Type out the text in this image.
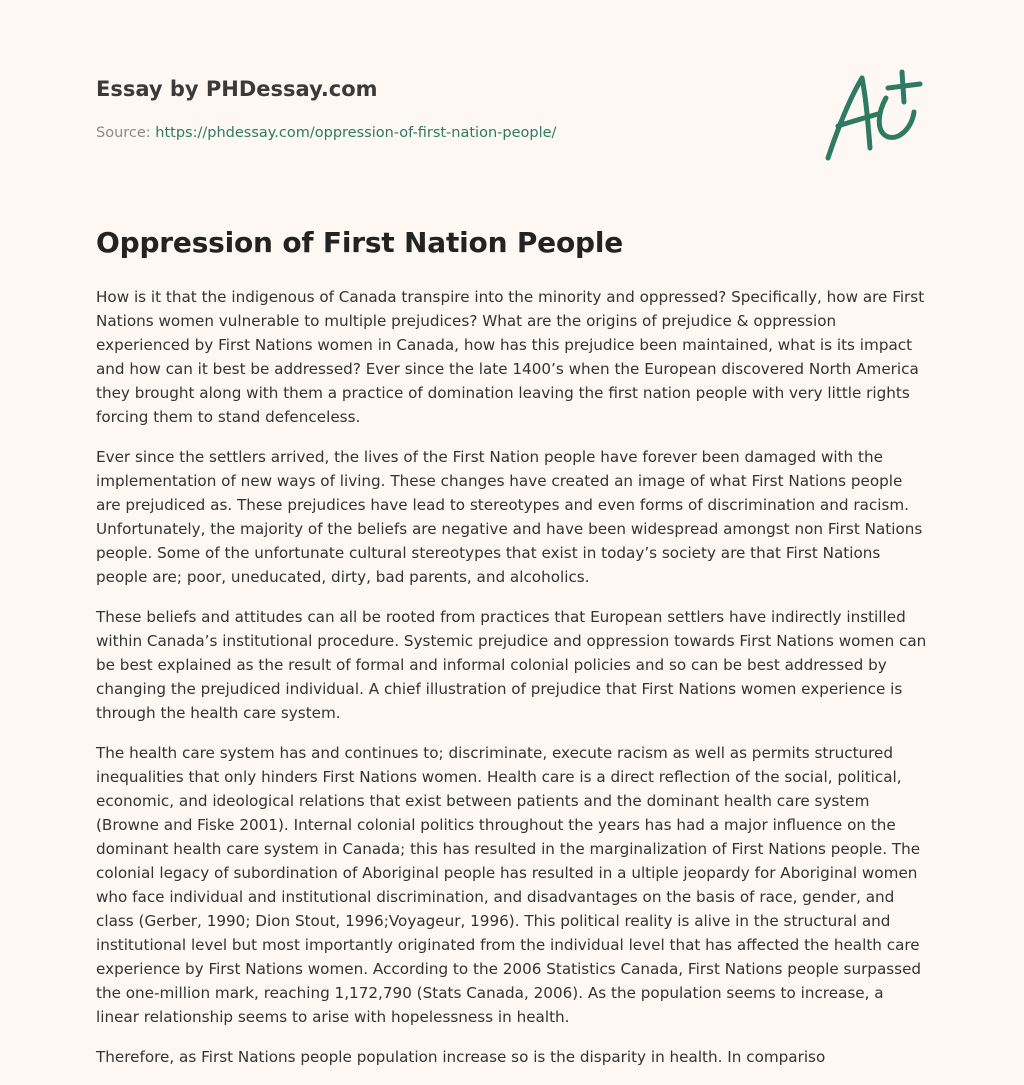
Essay by PHDessay.com
Source: https://phdessay.com/oppression-of-first-nation-people/
Oppression of First Nation People

How is it that the indigenous of Canada transpire into the minority and oppressed? Specifically, how are First Nations women vulnerable to multiple prejudices? What are the origins of prejudice & oppression experienced by First Nations women in Canada, how has this prejudice been maintained, what is its impact and how can it best be addressed? Ever since the late 1400’s when the European discovered North America they brought along with them a practice of domination leaving the first nation people with very little rights forcing them to stand defenceless.

Ever since the settlers arrived, the lives of the First Nation people have forever been damaged with the implementation of new ways of living. These changes have created an image of what First Nations people are prejudiced as. These prejudices have lead to stereotypes and even forms of discrimination and racism. Unfortunately, the majority of the beliefs are negative and have been widespread amongst non First Nations people. Some of the unfortunate cultural stereotypes that exist in today’s society are that First Nations people are; poor, uneducated, dirty, bad parents, and alcoholics.

These beliefs and attitudes can all be rooted from practices that European settlers have indirectly instilled within Canada’s institutional procedure. Systemic prejudice and oppression towards First Nations women can be best explained as the result of formal and informal colonial policies and so can be best addressed by changing the prejudiced individual. A chief illustration of prejudice that First Nations women experience is through the health care system.

The health care system has and continues to; discriminate, execute racism as well as permits structured inequalities that only hinders First Nations women. Health care is a direct reflection of the social, political, economic, and ideological relations that exist between patients and the dominant health care system (Browne and Fiske 2001). Internal colonial politics throughout the years has had a major influence on the dominant health care system in Canada; this has resulted in the marginalization of First Nations people. The colonial legacy of subordination of Aboriginal people has resulted in a ultiple jeopardy for Aboriginal women who face individual and institutional discrimination, and disadvantages on the basis of race, gender, and class (Gerber, 1990; Dion Stout, 1996;Voyageur, 1996). This political reality is alive in the structural and institutional level but most importantly originated from the individual level that has affected the health care experience by First Nations women. According to the 2006 Statistics Canada, First Nations people surpassed the one-million mark, reaching 1,172,790 (Stats Canada, 2006). As the population seems to increase, a linear relationship seems to arise with hopelessness in health.

Therefore, as First Nations people population increase so is the disparity in health. In compariso
